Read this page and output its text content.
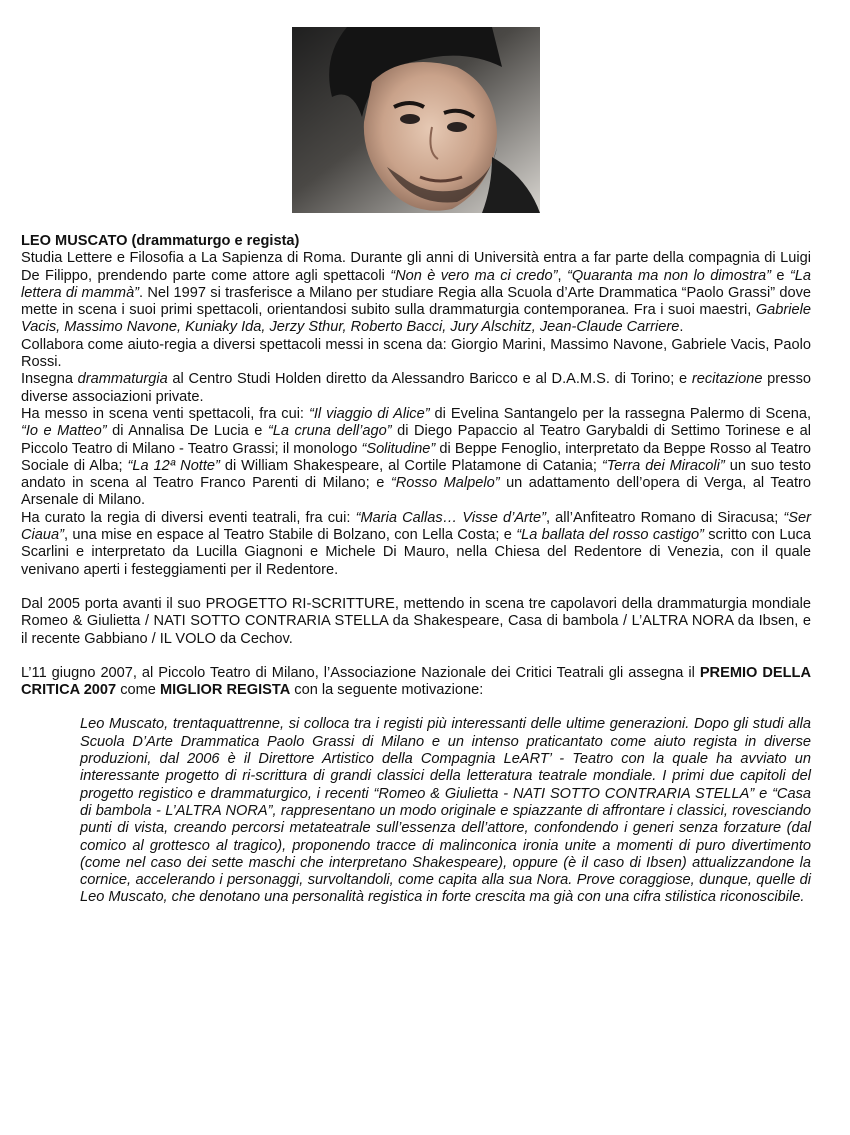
LEO MUSCATO (drammaturgo e regista)

Studia Lettere e Filosofia a La Sapienza di Roma. Durante gli anni di Università entra a far parte della compagnia di Luigi De Filippo, prendendo parte come attore agli spettacoli “Non è vero ma ci credo”, “Quaranta ma non lo dimostra” e “La lettera di mammà”. Nel 1997 si trasferisce a Milano per studiare Regia alla Scuola d’Arte Drammatica “Paolo Grassi” dove mette in scena i suoi primi spettacoli, orientandosi subito sulla drammaturgia contemporanea. Fra i suoi maestri, Gabriele Vacis, Massimo Navone, Kuniaky Ida, Jerzy Sthur, Roberto Bacci, Jury Alschitz, Jean-Claude Carriere.

Collabora come aiuto-regia a diversi spettacoli messi in scena da: Giorgio Marini, Massimo Navone, Gabriele Vacis, Paolo Rossi.

Insegna drammaturgia al Centro Studi Holden diretto da Alessandro Baricco e al D.A.M.S. di Torino; e recitazione presso diverse associazioni private.

Ha messo in scena venti spettacoli, fra cui: “Il viaggio di Alice” di Evelina Santangelo per la rassegna Palermo di Scena, “Io e Matteo” di Annalisa De Lucia e “La cruna dell’ago” di Diego Papaccio al Teatro Garybaldi di Settimo Torinese e al Piccolo Teatro di Milano - Teatro Grassi; il monologo “Solitudine” di Beppe Fenoglio, interpretato da Beppe Rosso al Teatro Sociale di Alba; “La 12ª Notte” di William Shakespeare, al Cortile Platamone di Catania; “Terra dei Miracoli” un suo testo andato in scena al Teatro Franco Parenti di Milano; e “Rosso Malpelo” un adattamento dell’opera di Verga, al Teatro Arsenale di Milano.

Ha curato la regia di diversi eventi teatrali, fra cui: “Maria Callas… Visse d’Arte”, all’Anfiteatro Romano di Siracusa; “Ser Ciaua”, una mise en espace al Teatro Stabile di Bolzano, con Lella Costa; e “La ballata del rosso castigo” scritto con Luca Scarlini e interpretato da Lucilla Giagnoni e Michele Di Mauro, nella Chiesa del Redentore di Venezia, con il quale venivano aperti i festeggiamenti per il Redentore.

Dal 2005 porta avanti il suo PROGETTO RI-SCRITTURE, mettendo in scena tre capolavori della drammaturgia mondiale Romeo & Giulietta / NATI SOTTO CONTRARIA STELLA da Shakespeare, Casa di bambola / L’ALTRA NORA da Ibsen, e il recente Gabbiano / IL VOLO da Cechov.

L’11 giugno 2007, al Piccolo Teatro di Milano, l’Associazione Nazionale dei Critici Teatrali gli assegna il PREMIO DELLA CRITICA 2007 come MIGLIOR REGISTA con la seguente motivazione:

Leo Muscato, trentaquattrenne, si colloca tra i registi più interessanti delle ultime generazioni. Dopo gli studi alla Scuola D’Arte Drammatica Paolo Grassi di Milano e un intenso praticantato come aiuto regista in diverse produzioni, dal 2006 è il Direttore Artistico della Compagnia LeART’ - Teatro con la quale ha avviato un interessante progetto di ri-scrittura di grandi classici della letteratura teatrale mondiale. I primi due capitoli del progetto registico e drammaturgico, i recenti “Romeo & Giulietta - NATI SOTTO CONTRARIA STELLA” e “Casa di bambola - L’ALTRA NORA”, rappresentano un modo originale e spiazzante di affrontare i classici, rovesciando punti di vista, creando percorsi metateatrale sull’essenza dell’attore, confondendo i generi senza forzature (dal comico al grottesco al tragico), proponendo tracce di malinconica ironia unite a momenti di puro divertimento (come nel caso dei sette maschi che interpretano Shakespeare), oppure (è il caso di Ibsen) attualizzandone la cornice, accelerando i personaggi, survoltandoli, come capita alla sua Nora. Prove coraggiose, dunque, quelle di Leo Muscato, che denotano una personalità registica in forte crescita ma già con una cifra stilistica riconoscibile.
